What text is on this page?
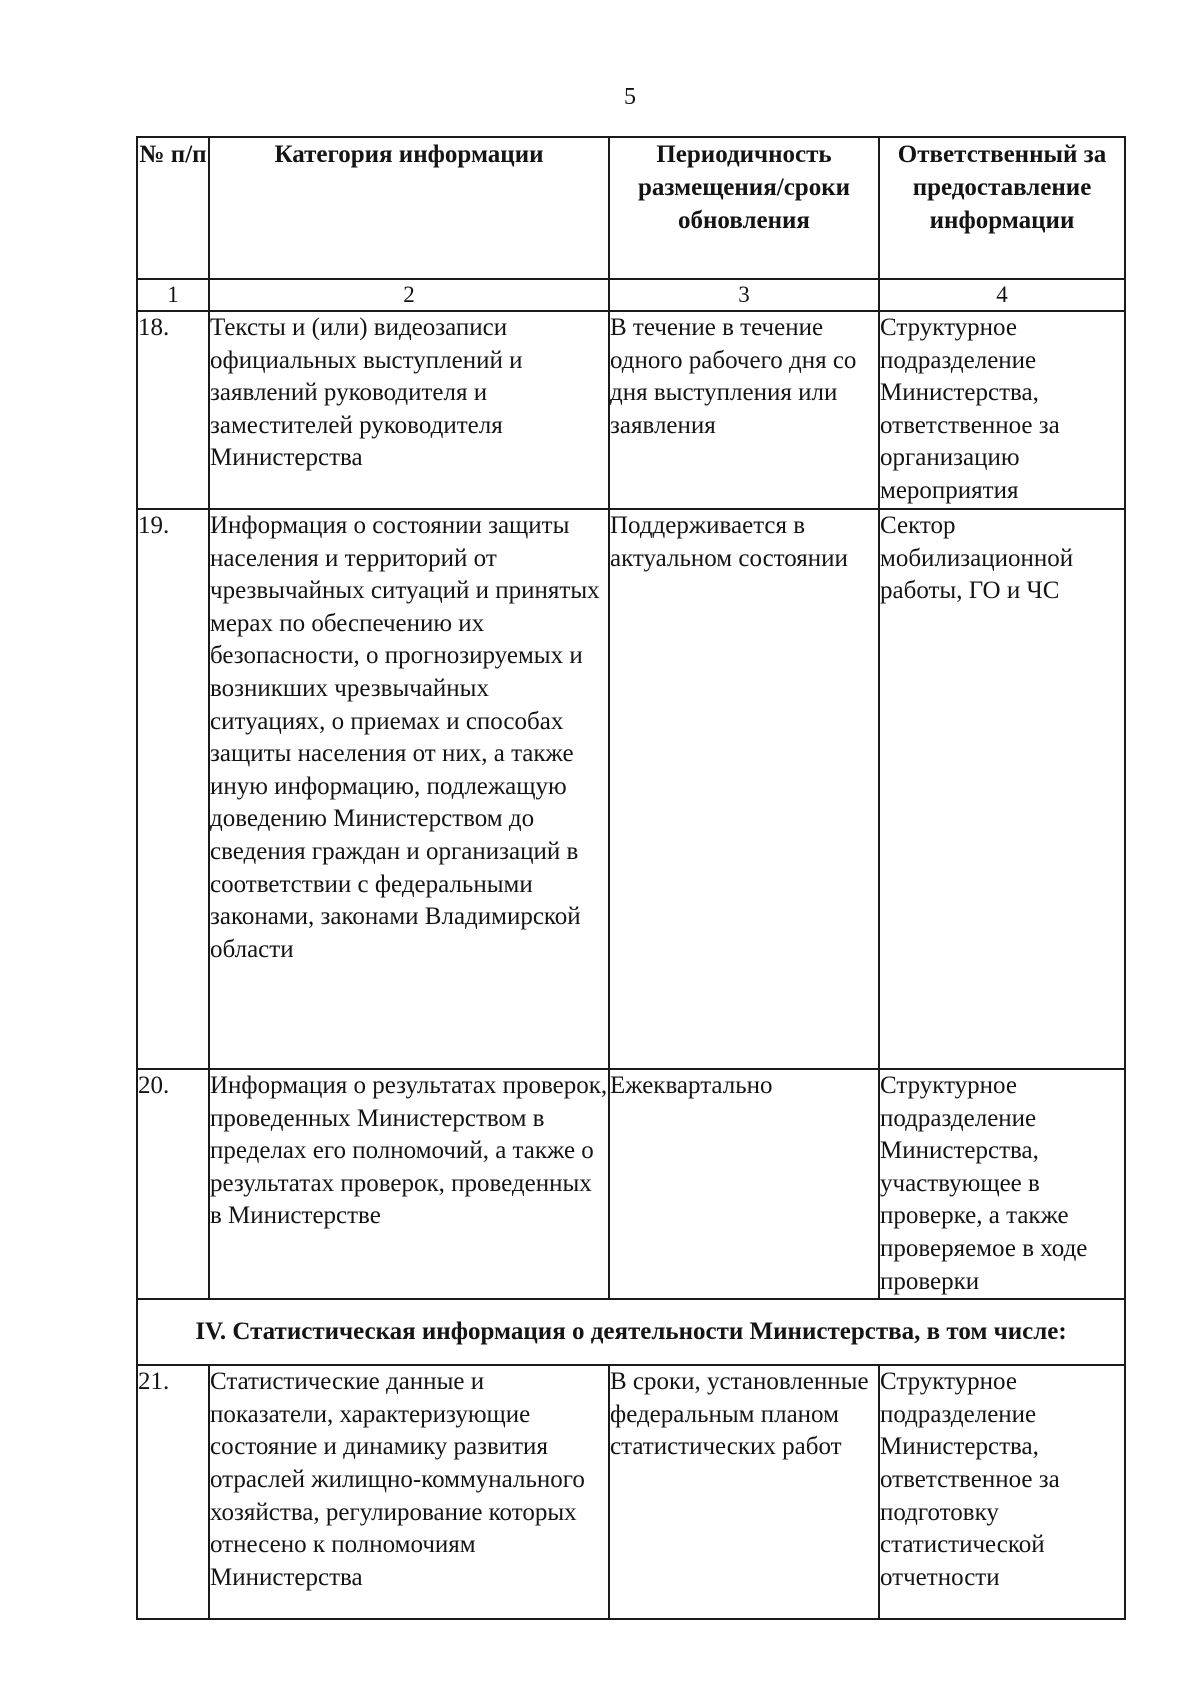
5
№ п/п	Категория информации	Периодичность размещения/сроки обновления	Ответственный за предоставление информации
1	2	3	4
18.	Тексты и (или) видеозаписи официальных выступлений и заявлений руководителя и заместителей руководителя Министерства	В течение в течение одного рабочего дня со дня выступления или заявления	Структурное подразделение Министерства, ответственное за организацию мероприятия
19.	Информация о состоянии защиты населения и территорий от чрезвычайных ситуаций и принятых мерах по обеспечению их безопасности, о прогнозируемых и возникших чрезвычайных ситуациях, о приемах и способах защиты населения от них, а также иную информацию, подлежащую доведению Министерством до сведения граждан и организаций в соответствии с федеральными законами, законами Владимирской области	Поддерживается в актуальном состоянии	Сектор мобилизационной работы, ГО и ЧС
20.	Информация о результатах проверок, проведенных Министерством в пределах его полномочий, а также о результатах проверок, проведенных в Министерстве	Ежеквартально	Структурное подразделение Министерства, участвующее в проверке, а также проверяемое в ходе проверки
IV. Статистическая информация о деятельности Министерства, в том числе:			
21.	Статистические данные и показатели, характеризующие состояние и динамику развития отраслей жилищно-коммунального хозяйства, регулирование которых отнесено к полномочиям Министерства	В сроки, установленные федеральным планом статистических работ	Структурное подразделение Министерства, ответственное за подготовку статистической отчетности
